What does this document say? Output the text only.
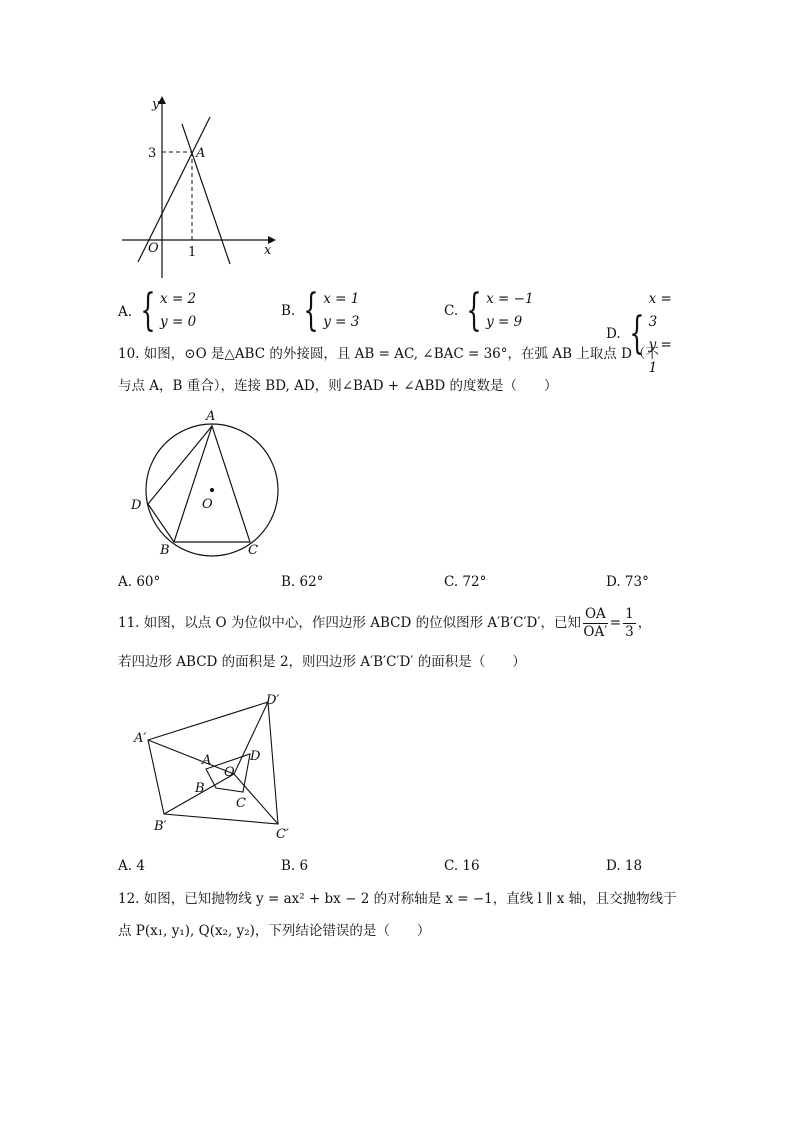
y
x
O
A
3
1
A. { x = 2
y = 0
B. { x = 1
y = 3
C. { x = −1
y = 9
D. {
x = 3
y = 1
10. 如图，⊙O 是△ABC 的外接圆，且 AB = AC, ∠BAC = 36°，在弧 AB 上取点 D（不
与点 A，B 重合），连接 BD, AD，则∠BAD + ∠ABD 的度数是（　　）
A
B	C
D	O
A. 60°	B. 62°	C. 72°	D. 73°
11. 如图，以点 O 为位似中心，作四边形 ABCD 的位似图形 A′B′C′D′，已知 $\frac{OA}{OA'} = \frac{1}{3}$ ，
若四边形 ABCD 的面积是 2，则四边形 A′B′C′D′ 的面积是（　　）
A′
B′
C′
D′
A
B
C
D
O
A. 4	B. 6	C. 16	D. 18
12. 如图，已知抛物线 y = ax² + bx − 2 的对称轴是 x = −1，直线 l ∥ x 轴，且交抛物线于
点 P(x₁, y₁), Q(x₂, y₂)，下列结论错误的是（　　）
